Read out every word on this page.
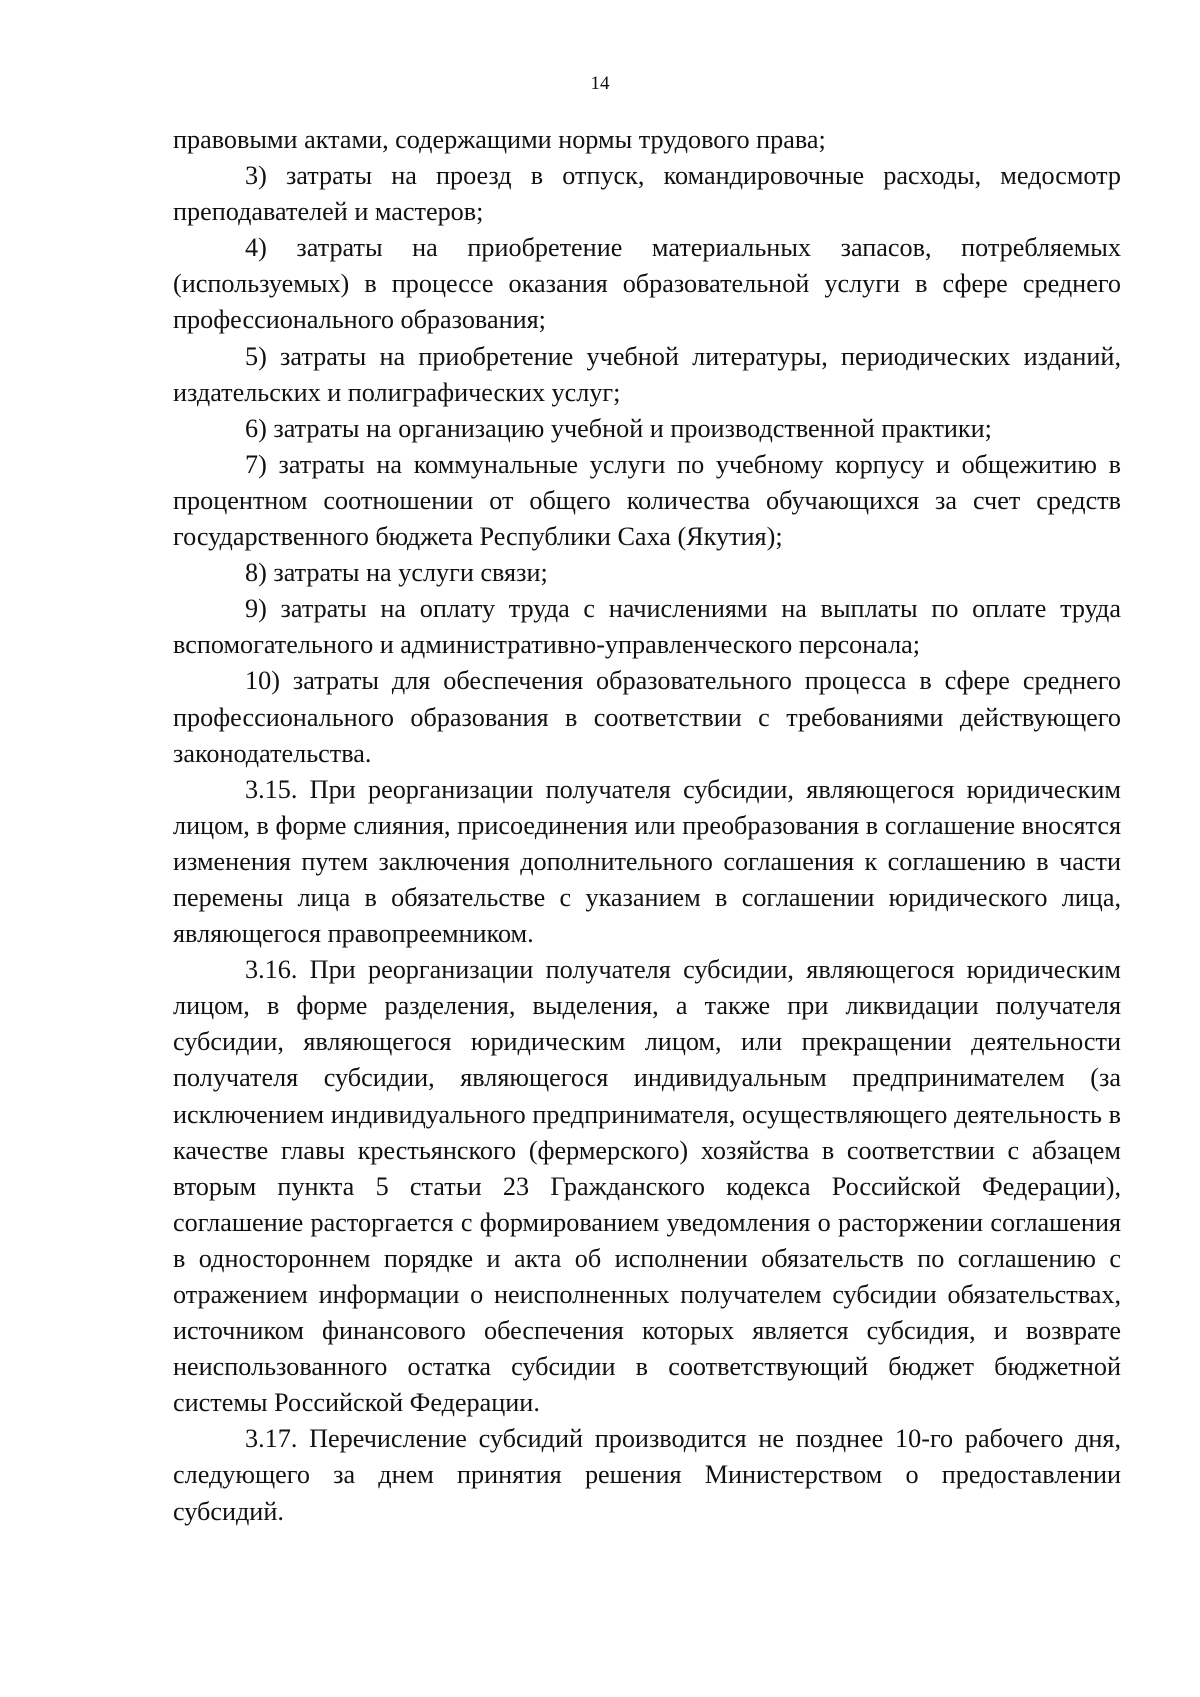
14

правовыми актами, содержащими нормы трудового права;

3) затраты на проезд в отпуск, командировочные расходы, медосмотр преподавателей и мастеров;

4) затраты на приобретение материальных запасов, потребляемых (используемых) в процессе оказания образовательной услуги в сфере среднего профессионального образования;

5) затраты на приобретение учебной литературы, периодических изданий, издательских и полиграфических услуг;

6) затраты на организацию учебной и производственной практики;

7) затраты на коммунальные услуги по учебному корпусу и общежитию в процентном соотношении от общего количества обучающихся за счет средств государственного бюджета Республики Саха (Якутия);

8) затраты на услуги связи;

9) затраты на оплату труда с начислениями на выплаты по оплате труда вспомогательного и административно-управленческого персонала;

10) затраты для обеспечения образовательного процесса в сфере среднего профессионального образования в соответствии с требованиями действующего законодательства.

3.15. При реорганизации получателя субсидии, являющегося юридическим лицом, в форме слияния, присоединения или преобразования в соглашение вносятся изменения путем заключения дополнительного соглашения к соглашению в части перемены лица в обязательстве с указанием в соглашении юридического лица, являющегося правопреемником.

3.16. При реорганизации получателя субсидии, являющегося юридическим лицом, в форме разделения, выделения, а также при ликвидации получателя субсидии, являющегося юридическим лицом, или прекращении деятельности получателя субсидии, являющегося индивидуальным предпринимателем (за исключением индивидуального предпринимателя, осуществляющего деятельность в качестве главы крестьянского (фермерского) хозяйства в соответствии с абзацем вторым пункта 5 статьи 23 Гражданского кодекса Российской Федерации), соглашение расторгается с формированием уведомления о расторжении соглашения в одностороннем порядке и акта об исполнении обязательств по соглашению с отражением информации о неисполненных получателем субсидии обязательствах, источником финансового обеспечения которых является субсидия, и возврате неиспользованного остатка субсидии в соответствующий бюджет бюджетной системы Российской Федерации.

3.17. Перечисление субсидий производится не позднее 10-го рабочего дня, следующего за днем принятия решения Министерством о предоставлении субсидий.
